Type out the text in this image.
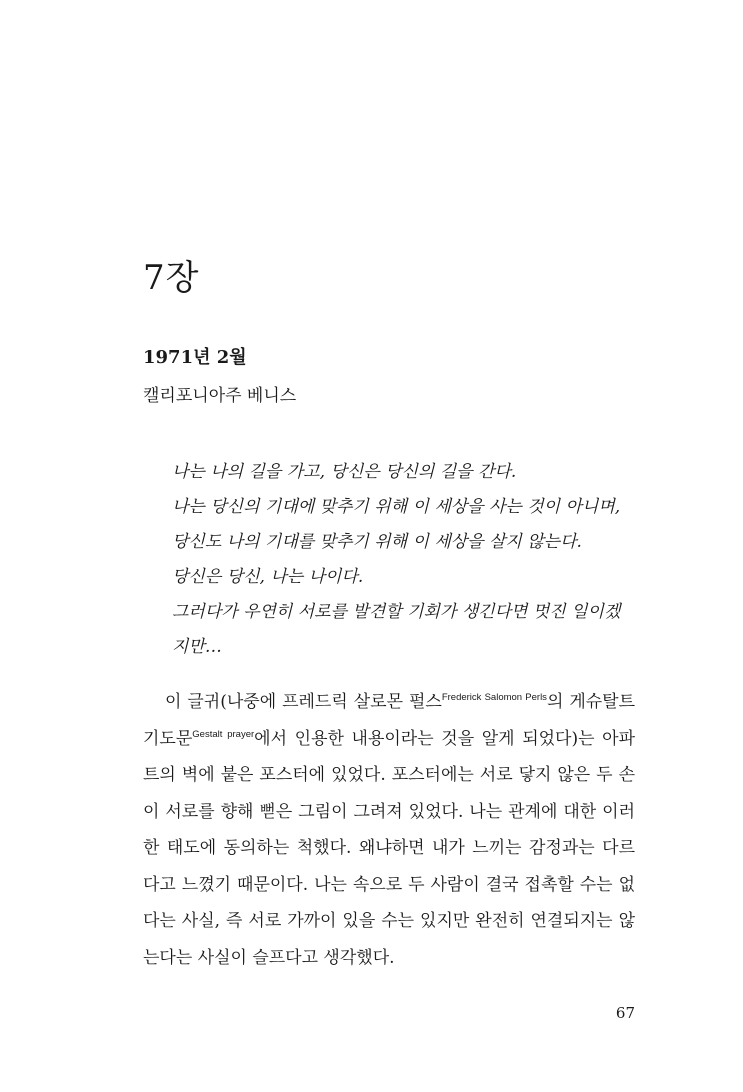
7장
1971년 2월
캘리포니아주 베니스
나는 나의 길을 가고, 당신은 당신의 길을 간다.
나는 당신의 기대에 맞추기 위해 이 세상을 사는 것이 아니며,
당신도 나의 기대를 맞추기 위해 이 세상을 살지 않는다.
당신은 당신, 나는 나이다.
그러다가 우연히 서로를 발견할 기회가 생긴다면 멋진 일이겠
지만…

이 글귀(나중에 프레드릭 살로몬 펄스$^{Frederick Salomon Perls}$의 게슈탈트 기도문$^{Gestalt prayer}$에서 인용한 내용이라는 것을 알게 되었다)는 아파트의 벽에 붙은 포스터에 있었다. 포스터에는 서로 닿지 않은 두 손이 서로를 향해 뻗은 그림이 그려져 있었다. 나는 관계에 대한 이러한 태도에 동의하는 척했다. 왜냐하면 내가 느끼는 감정과는 다르다고 느꼈기 때문이다. 나는 속으로 두 사람이 결국 접촉할 수는 없다는 사실, 즉 서로 가까이 있을 수는 있지만 완전히 연결되지는 않는다는 사실이 슬프다고 생각했다.

67
